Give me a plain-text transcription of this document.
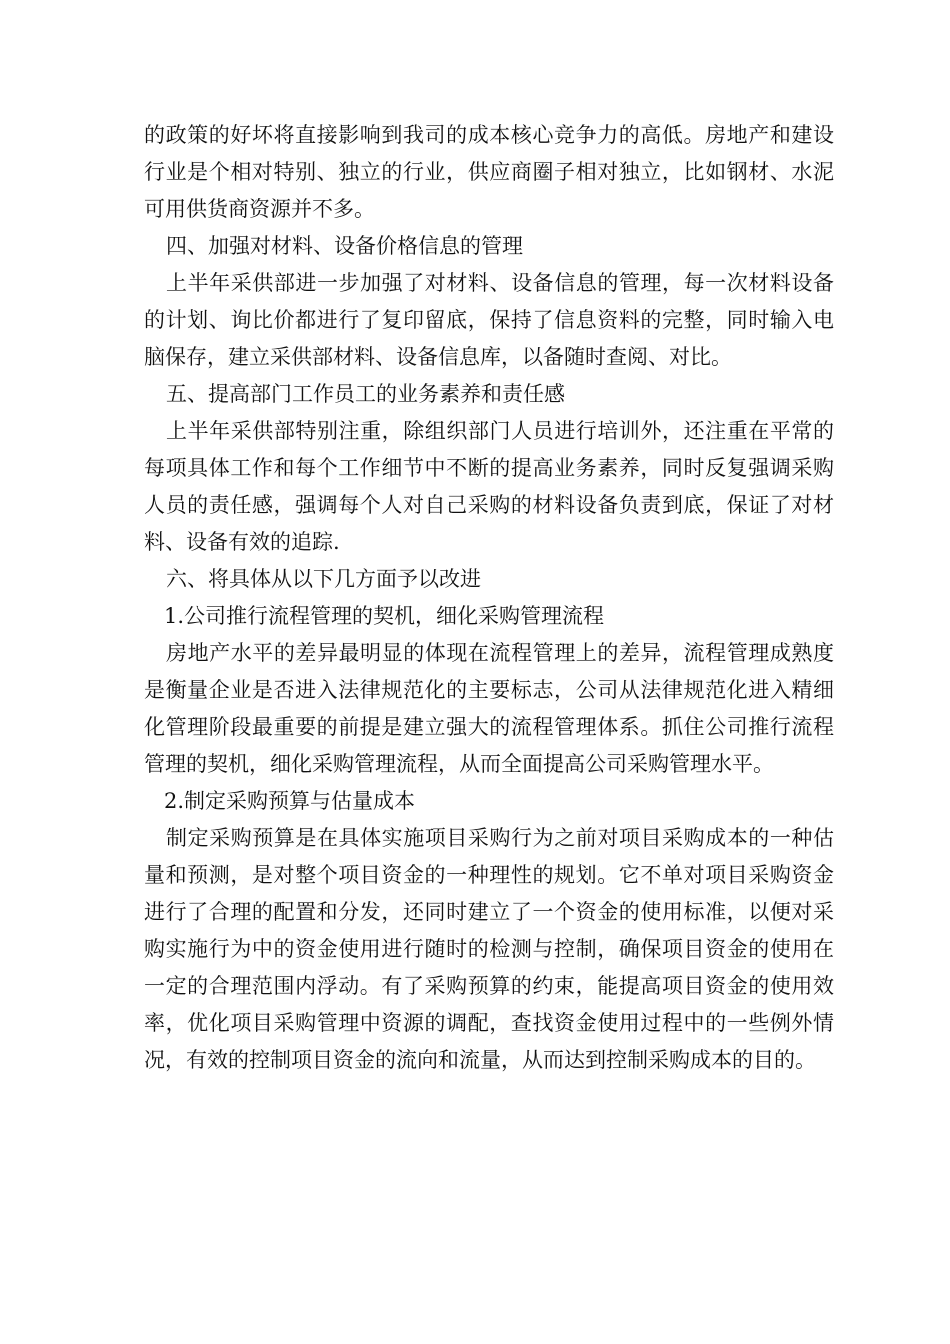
的政策的好坏将直接影响到我司的成本核心竞争力的高低。房地产和建设行业是个相对特别、独立的行业，供应商圈子相对独立，比如钢材、水泥可用供货商资源并不多。

四、加强对材料、设备价格信息的管理

上半年采供部进一步加强了对材料、设备信息的管理，每一次材料设备的计划、询比价都进行了复印留底，保持了信息资料的完整，同时输入电脑保存，建立采供部材料、设备信息库，以备随时查阅、对比。

五、提高部门工作员工的业务素养和责任感

上半年采供部特别注重，除组织部门人员进行培训外，还注重在平常的每项具体工作和每个工作细节中不断的提高业务素养，同时反复强调采购人员的责任感，强调每个人对自己采购的材料设备负责到底，保证了对材料、设备有效的追踪.

六、将具体从以下几方面予以改进

1.公司推行流程管理的契机，细化采购管理流程

房地产水平的差异最明显的体现在流程管理上的差异，流程管理成熟度是衡量企业是否进入法律规范化的主要标志，公司从法律规范化进入精细化管理阶段最重要的前提是建立强大的流程管理体系。抓住公司推行流程管理的契机，细化采购管理流程，从而全面提高公司采购管理水平。

2.制定采购预算与估量成本

制定采购预算是在具体实施项目采购行为之前对项目采购成本的一种估量和预测，是对整个项目资金的一种理性的规划。它不单对项目采购资金进行了合理的配置和分发，还同时建立了一个资金的使用标准，以便对采购实施行为中的资金使用进行随时的检测与控制，确保项目资金的使用在一定的合理范围内浮动。有了采购预算的约束，能提高项目资金的使用效率，优化项目采购管理中资源的调配，查找资金使用过程中的一些例外情况，有效的控制项目资金的流向和流量，从而达到控制采购成本的目的。
